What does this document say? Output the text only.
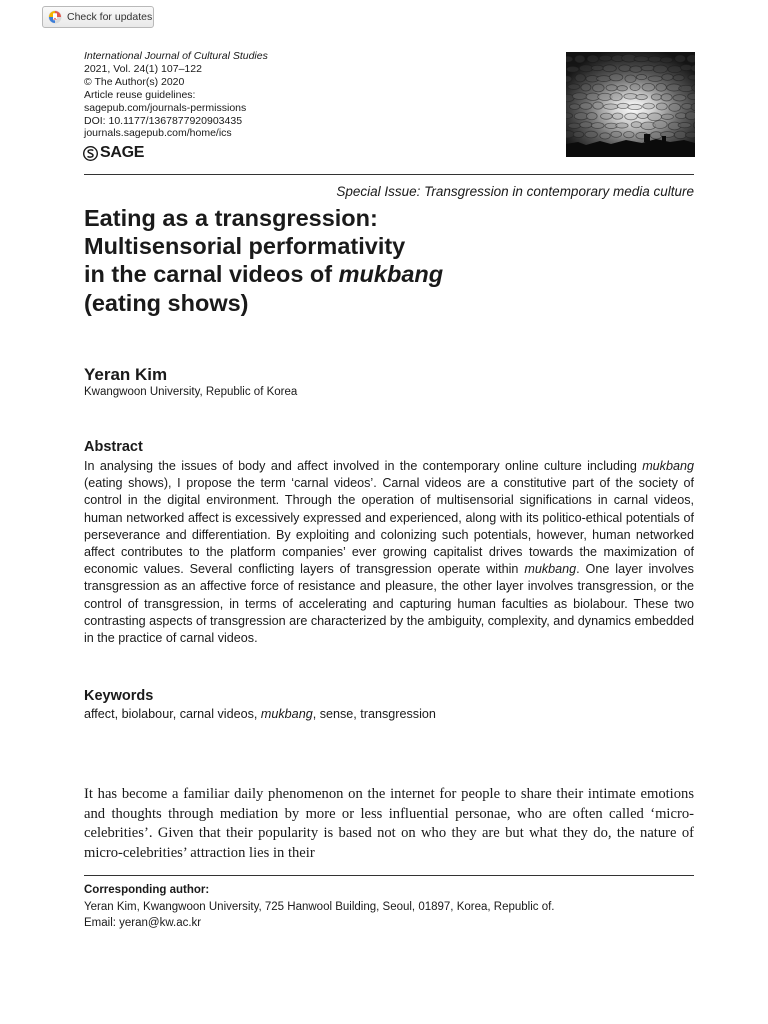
Check for updates
International Journal of Cultural Studies
2021, Vol. 24(1) 107–122
© The Author(s) 2020
Article reuse guidelines:
sagepub.com/journals-permissions
DOI: 10.1177/1367877920903435
journals.sagepub.com/home/ics
SAGE
Special Issue: Transgression in contemporary media culture
Eating as a transgression:
Multisensorial performativity
in the carnal videos of mukbang
(eating shows)
Yeran Kim
Kwangwoon University, Republic of Korea
Abstract
In analysing the issues of body and affect involved in the contemporary online culture including mukbang (eating shows), I propose the term ‘carnal videos’. Carnal videos are a constitutive part of the society of control in the digital environment. Through the operation of multisensorial significations in carnal videos, human networked affect is excessively expressed and experienced, along with its politico-ethical potentials of perseverance and differentiation. By exploiting and colonizing such potentials, however, human networked affect contributes to the platform companies’ ever growing capitalist drives towards the maximization of economic values. Several conflicting layers of transgression operate within mukbang. One layer involves transgression as an affective force of resistance and pleasure, the other layer involves transgression, or the control of transgression, in terms of accelerating and capturing human faculties as biolabour. These two contrasting aspects of transgression are characterized by the ambiguity, complexity, and dynamics embedded in the practice of carnal videos.
Keywords
affect, biolabour, carnal videos, mukbang, sense, transgression

It has become a familiar daily phenomenon on the internet for people to share their intimate emotions and thoughts through mediation by more or less influential personae, who are often called ‘micro-celebrities’. Given that their popularity is based not on who they are but what they do, the nature of micro-celebrities’ attraction lies in their

Corresponding author:
Yeran Kim, Kwangwoon University, 725 Hanwool Building, Seoul, 01897, Korea, Republic of.
Email: yeran@kw.ac.kr
